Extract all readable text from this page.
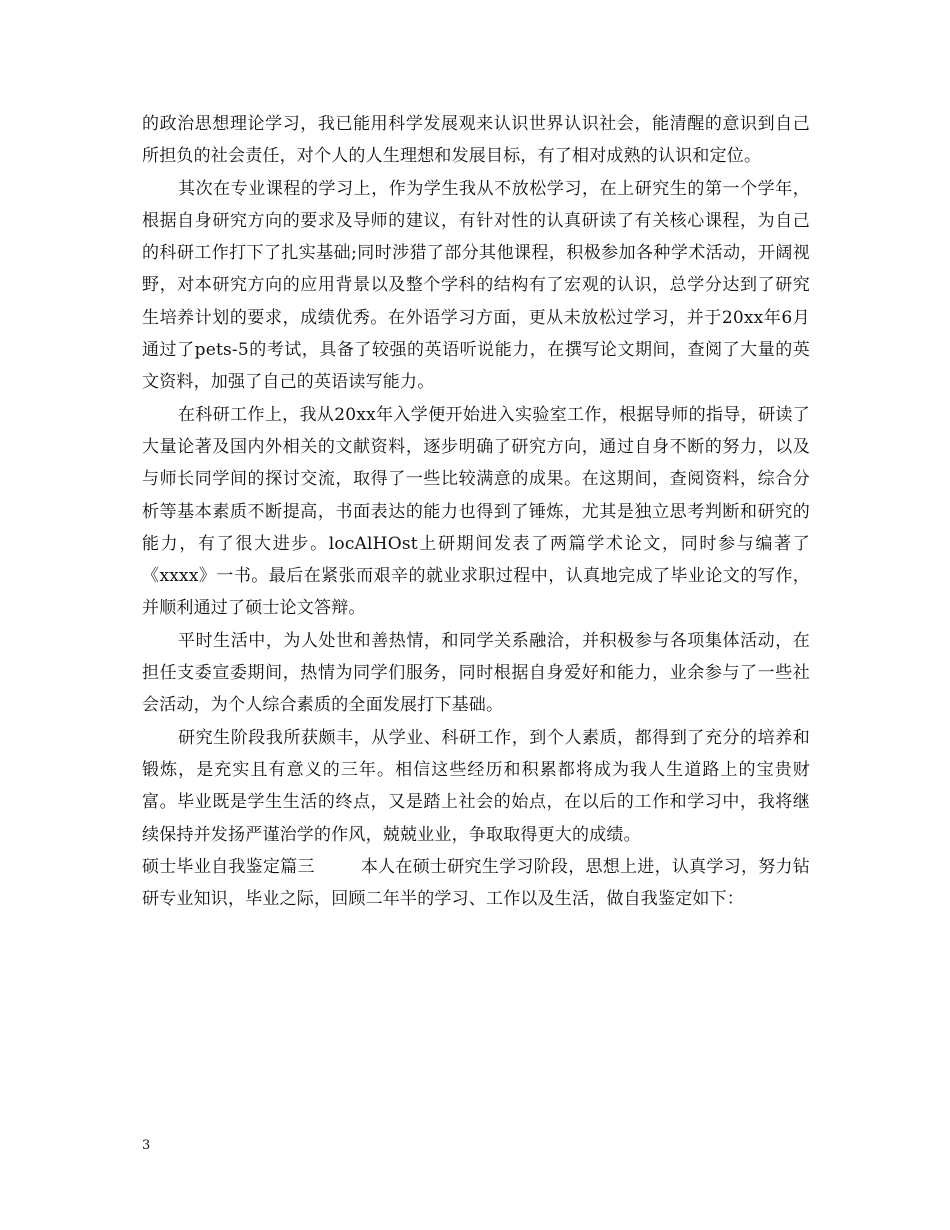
的政治思想理论学习，我已能用科学发展观来认识世界认识社会，能清醒的意识到自己所担负的社会责任，对个人的人生理想和发展目标，有了相对成熟的认识和定位。

其次在专业课程的学习上，作为学生我从不放松学习，在上研究生的第一个学年，根据自身研究方向的要求及导师的建议，有针对性的认真研读了有关核心课程，为自己的科研工作打下了扎实基础;同时涉猎了部分其他课程，积极参加各种学术活动，开阔视野，对本研究方向的应用背景以及整个学科的结构有了宏观的认识，总学分达到了研究生培养计划的要求，成绩优秀。在外语学习方面，更从未放松过学习，并于20xx年6月通过了pets-5的考试，具备了较强的英语听说能力，在撰写论文期间，查阅了大量的英文资料，加强了自己的英语读写能力。

在科研工作上，我从20xx年入学便开始进入实验室工作，根据导师的指导，研读了大量论著及国内外相关的文献资料，逐步明确了研究方向，通过自身不断的努力，以及与师长同学间的探讨交流，取得了一些比较满意的成果。在这期间，查阅资料，综合分析等基本素质不断提高，书面表达的能力也得到了锤炼，尤其是独立思考判断和研究的能力，有了很大进步。locAlHOst上研期间发表了两篇学术论文，同时参与编著了《xxxx》一书。最后在紧张而艰辛的就业求职过程中，认真地完成了毕业论文的写作，并顺利通过了硕士论文答辩。

平时生活中，为人处世和善热情，和同学关系融洽，并积极参与各项集体活动，在担任支委宣委期间，热情为同学们服务，同时根据自身爱好和能力，业余参与了一些社会活动，为个人综合素质的全面发展打下基础。

研究生阶段我所获颇丰，从学业、科研工作，到个人素质，都得到了充分的培养和锻炼，是充实且有意义的三年。相信这些经历和积累都将成为我人生道路上的宝贵财富。毕业既是学生生活的终点，又是踏上社会的始点，在以后的工作和学习中，我将继续保持并发扬严谨治学的作风，兢兢业业，争取取得更大的成绩。

硕士毕业自我鉴定篇三	本人在硕士研究生学习阶段，思想上进，认真学习，努力钻研专业知识，毕业之际，回顾二年半的学习、工作以及生活，做自我鉴定如下：

3
